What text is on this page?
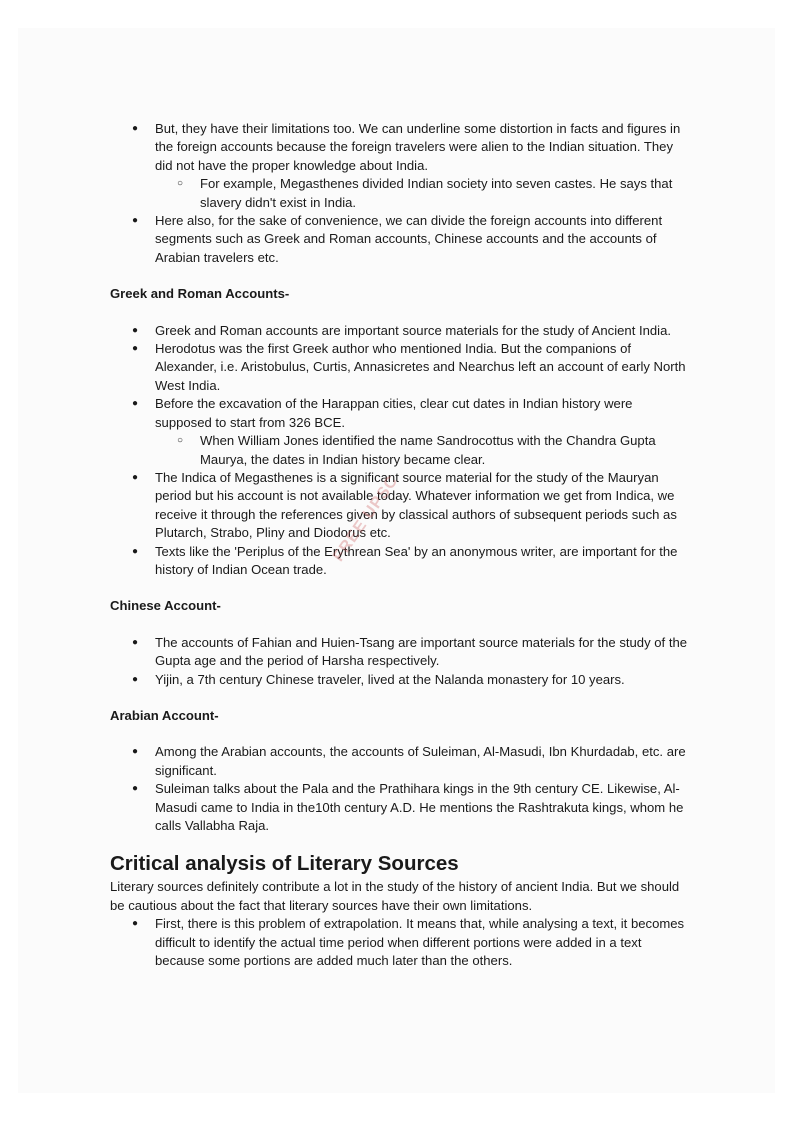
● But, they have their limitations too. We can underline some distortion in facts and figures in the foreign accounts because the foreign travelers were alien to the Indian situation. They did not have the proper knowledge about India.
○ For example, Megasthenes divided Indian society into seven castes. He says that slavery didn't exist in India.
● Here also, for the sake of convenience, we can divide the foreign accounts into different segments such as Greek and Roman accounts, Chinese accounts and the accounts of Arabian travelers etc.

Greek and Roman Accounts-

● Greek and Roman accounts are important source materials for the study of Ancient India.
● Herodotus was the first Greek author who mentioned India. But the companions of Alexander, i.e. Aristobulus, Curtis, Annasicretes and Nearchus left an account of early North West India.
● Before the excavation of the Harappan cities, clear cut dates in Indian history were supposed to start from 326 BCE.
○ When William Jones identified the name Sandrocottus with the Chandra Gupta Maurya, the dates in Indian history became clear.
● The Indica of Megasthenes is a significant source material for the study of the Mauryan period but his account is not available today. Whatever information we get from Indica, we receive it through the references given by classical authors of subsequent periods such as Plutarch, Strabo, Pliny and Diodorus etc.
● Texts like the 'Periplus of the Erythrean Sea' by an anonymous writer, are important for the history of Indian Ocean trade.

Chinese Account-

● The accounts of Fahian and Huien-Tsang are important source materials for the study of the Gupta age and the period of Harsha respectively.
● Yijin, a 7th century Chinese traveler, lived at the Nalanda monastery for 10 years.

Arabian Account-

● Among the Arabian accounts, the accounts of Suleiman, Al-Masudi, Ibn Khurdadab, etc. are significant.
● Suleiman talks about the Pala and the Prathihara kings in the 9th century CE. Likewise, Al-Masudi came to India in the10th century A.D. He mentions the Rashtrakuta kings, whom he calls Vallabha Raja.
Critical analysis of Literary Sources

Literary sources definitely contribute a lot in the study of the history of ancient India. But we should be cautious about the fact that literary sources have their own limitations.

● First, there is this problem of extrapolation. It means that, while analysing a text, it becomes difficult to identify the actual time period when different portions were added in a text because some portions are added much later than the others.
FREE UPSC
